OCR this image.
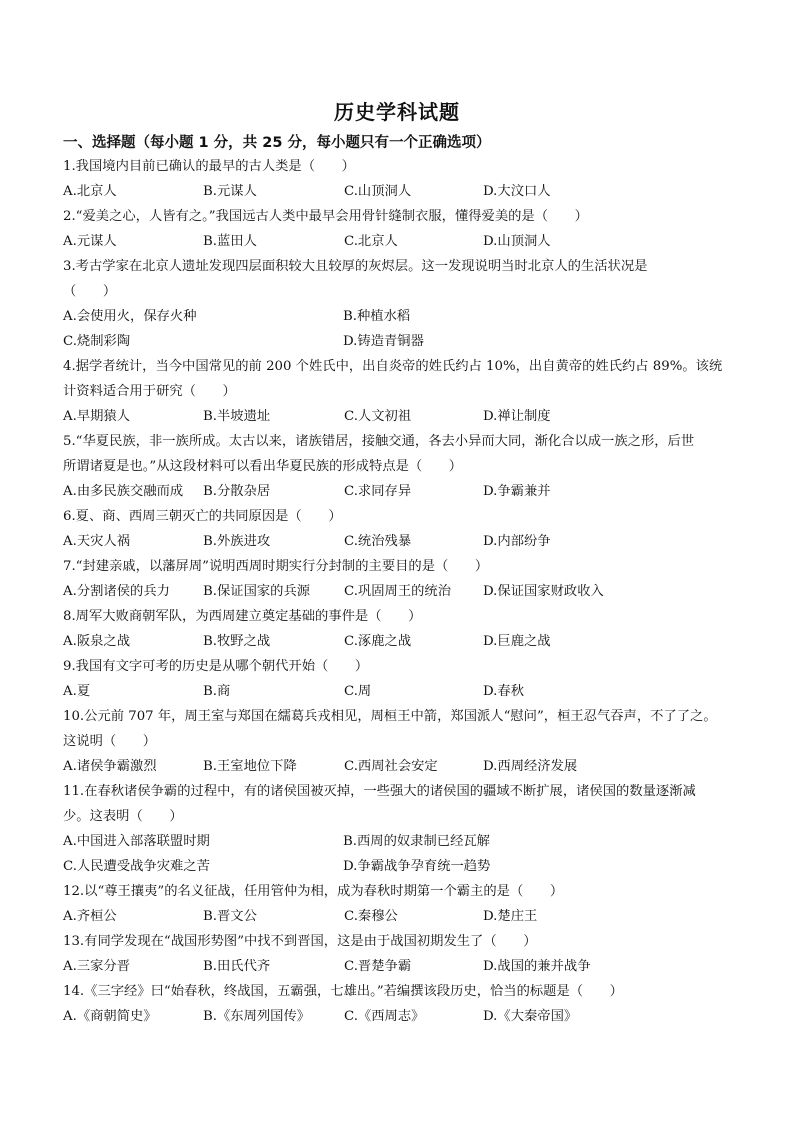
历史学科试题
一、选择题（每小题 1 分，共 25 分，每小题只有一个正确选项）
1.我国境内目前已确认的最早的古人类是（　　）
A.北京人	B.元谋人	C.山顶洞人	D.大汶口人
2.“爱美之心，人皆有之。”我国远古人类中最早会用骨针缝制衣服，懂得爱美的是（　　）
A.元谋人	B.蓝田人	C.北京人	D.山顶洞人
3.考古学家在北京人遗址发现四层面积较大且较厚的灰烬层。这一发现说明当时北京人的生活状况是
（　　）
A.会使用火，保存火种	B.种植水稻
C.烧制彩陶	D.铸造青铜器
4.据学者统计，当今中国常见的前 200 个姓氏中，出自炎帝的姓氏约占 10%，出自黄帝的姓氏约占 89%。该统
计资料适合用于研究（　　）
A.早期猿人	B.半坡遗址	C.人文初祖	D.禅让制度
5.“华夏民族，非一族所成。太古以来，诸族错居，接触交通，各去小异而大同，渐化合以成一族之形，后世
所谓诸夏是也。”从这段材料可以看出华夏民族的形成特点是（　　）
A.由多民族交融而成 B.分散杂居	C.求同存异	D.争霸兼并
6.夏、商、西周三朝灭亡的共同原因是（　　）
A.天灾人祸	B.外族进攻	C.统治残暴	D.内部纷争
7.“封建亲戚，以藩屏周”说明西周时期实行分封制的主要目的是（　　）
A.分割诸侯的兵力 B.保证国家的兵源	C.巩固周王的统治 D.保证国家财政收入
8.周军大败商朝军队，为西周建立奠定基础的事件是（　　）
A.阪泉之战	B.牧野之战	C.涿鹿之战	D.巨鹿之战
9.我国有文字可考的历史是从哪个朝代开始（　　）
A.夏	B.商	C.周	D.春秋
10.公元前 707 年，周王室与郑国在繻葛兵戎相见，周桓王中箭，郑国派人“慰问”，桓王忍气吞声，不了了之。
这说明（　　）
A.诸侯争霸激烈	B.王室地位下降	C.西周社会安定	D.西周经济发展
11.在春秋诸侯争霸的过程中，有的诸侯国被灭掉，一些强大的诸侯国的疆域不断扩展，诸侯国的数量逐渐减
少。这表明（　　）
A.中国进入部落联盟时期	B.西周的奴隶制已经瓦解
C.人民遭受战争灾难之苦	D.争霸战争孕育统一趋势
12.以“尊王攘夷”的名义征战，任用管仲为相，成为春秋时期第一个霸主的是（　　）
A.齐桓公	B.晋文公	C.秦穆公	D.楚庄王
13.有同学发现在“战国形势图”中找不到晋国，这是由于战国初期发生了（　　）
A.三家分晋	B.田氏代齐	C.晋楚争霸	D.战国的兼并战争
14.《三字经》曰“始春秋，终战国，五霸强，七雄出。”若编撰该段历史，恰当的标题是（　　）
A.《商朝简史》	B.《东周列国传》	C.《西周志》	D.《大秦帝国》
